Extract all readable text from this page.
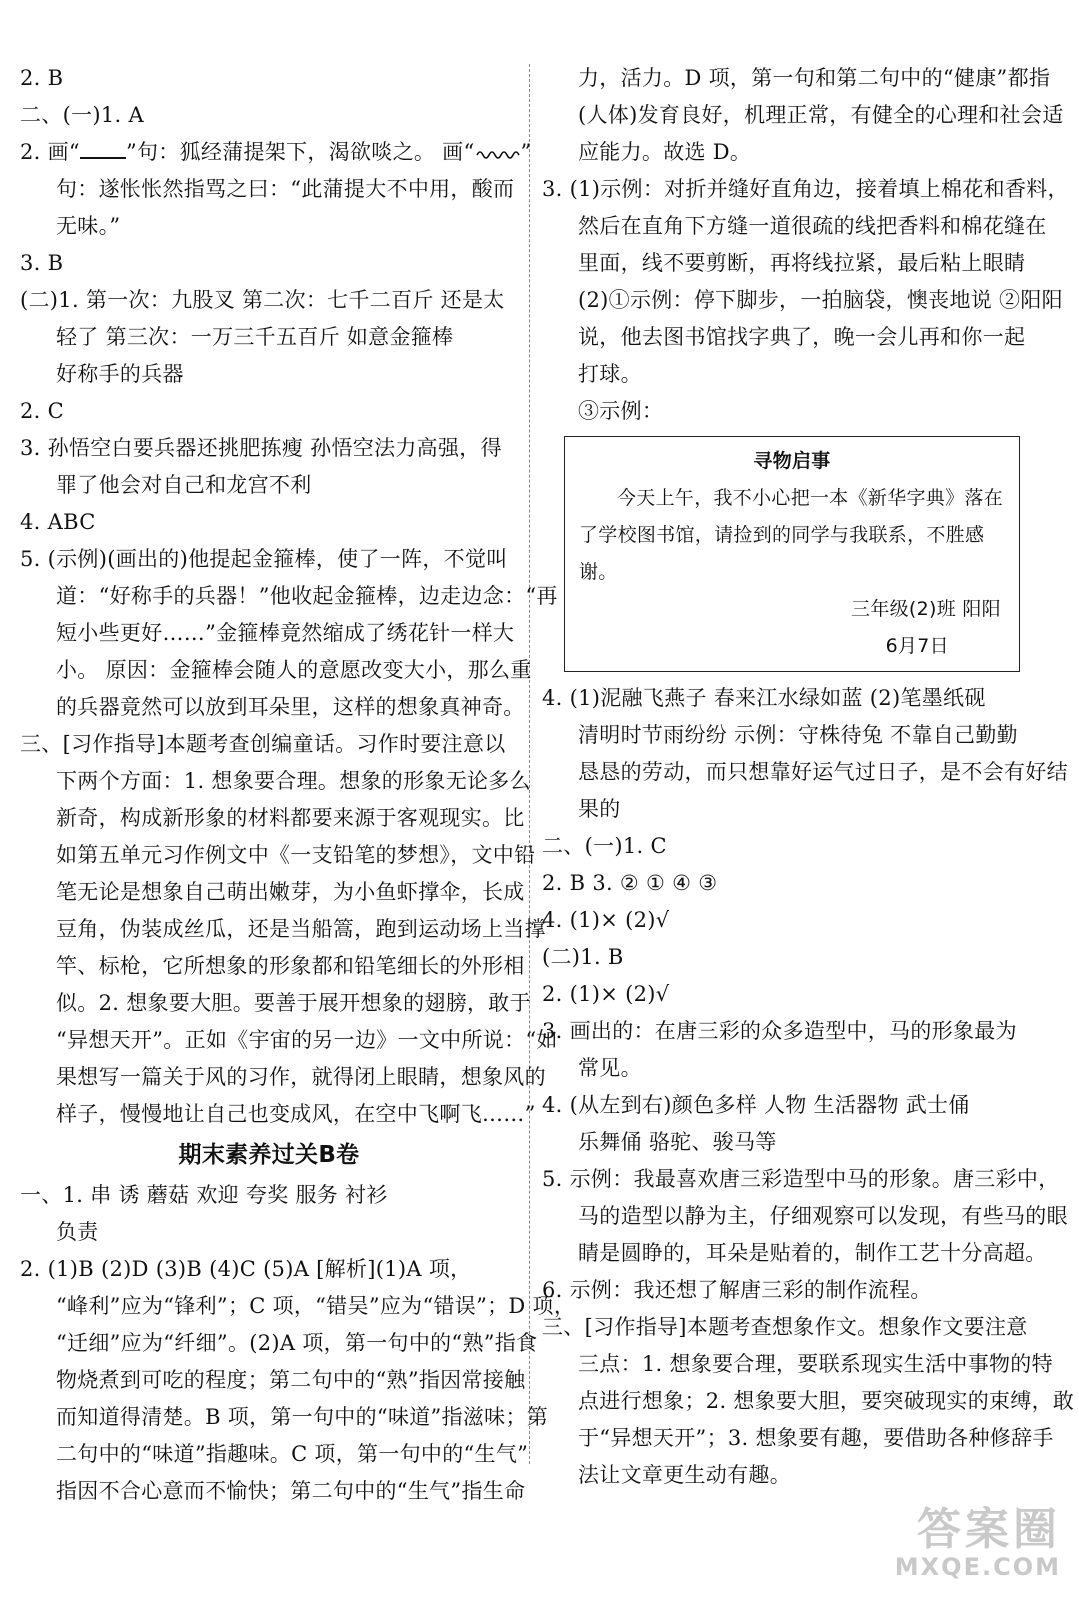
2. B
二、(一)1. A
2. 画“ ”句：狐经蒲提架下，渴欲啖之。 画“ ”
句：遂怅怅然指骂之曰：“此蒲提大不中用，酸而
无味。”
3. B
(二)1. 第一次：九股叉 第二次：七千二百斤 还是太
轻了 第三次：一万三千五百斤 如意金箍棒
好称手的兵器
2. C
3. 孙悟空白要兵器还挑肥拣瘦 孙悟空法力高强，得
罪了他会对自己和龙宫不利
4. ABC
5. (示例)(画出的)他提起金箍棒，使了一阵，不觉叫
道：“好称手的兵器！”他收起金箍棒，边走边念：“再
短小些更好……”金箍棒竟然缩成了绣花针一样大
小。 原因：金箍棒会随人的意愿改变大小，那么重
的兵器竟然可以放到耳朵里，这样的想象真神奇。
三、[习作指导]本题考查创编童话。习作时要注意以
下两个方面：1. 想象要合理。想象的形象无论多么
新奇，构成新形象的材料都要来源于客观现实。比
如第五单元习作例文中《一支铅笔的梦想》，文中铅
笔无论是想象自己萌出嫩芽，为小鱼虾撑伞，长成
豆角，伪装成丝瓜，还是当船篙，跑到运动场上当撑
竿、标枪，它所想象的形象都和铅笔细长的外形相
似。2. 想象要大胆。要善于展开想象的翅膀，敢于
“异想天开”。正如《宇宙的另一边》一文中所说：“如
果想写一篇关于风的习作，就得闭上眼睛，想象风的
样子，慢慢地让自己也变成风，在空中飞啊飞……”
期末素养过关B卷
一、1. 串 诱 蘑菇 欢迎 夸奖 服务 衬衫
负责
2. (1)B (2)D (3)B (4)C (5)A [解析](1)A 项，
“峰利”应为“锋利”；C 项，“错吴”应为“错误”；D 项，
“迁细”应为“纤细”。(2)A 项，第一句中的“熟”指食
物烧煮到可吃的程度；第二句中的“熟”指因常接触
而知道得清楚。B 项，第一句中的“味道”指滋味；第
二句中的“味道”指趣味。C 项，第一句中的“生气”
指因不合心意而不愉快；第二句中的“生气”指生命
力，活力。D 项，第一句和第二句中的“健康”都指
(人体)发育良好，机理正常，有健全的心理和社会适
应能力。故选 D。
3. (1)示例：对折并缝好直角边，接着填上棉花和香料，
然后在直角下方缝一道很疏的线把香料和棉花缝在
里面，线不要剪断，再将线拉紧，最后粘上眼睛
(2)①示例：停下脚步，一拍脑袋，懊丧地说 ②阳阳
说，他去图书馆找字典了，晚一会儿再和你一起
打球。
③示例：
寻物启事
今天上午，我不小心把一本《新华字典》落在了学校图书馆，请捡到的同学与我联系，不胜感谢。
三年级(2)班 阳阳
6月7日
4. (1)泥融飞燕子 春来江水绿如蓝 (2)笔墨纸砚
清明时节雨纷纷 示例：守株待兔 不靠自己勤勤
恳恳的劳动，而只想靠好运气过日子，是不会有好结
果的
二、(一)1. C
2. B 3. ② ① ④ ③
4. (1)× (2)√
(二)1. B
2. (1)× (2)√
3. 画出的：在唐三彩的众多造型中，马的形象最为
常见。
4. (从左到右)颜色多样 人物 生活器物 武士俑
乐舞俑 骆驼、骏马等
5. 示例：我最喜欢唐三彩造型中马的形象。唐三彩中，
马的造型以静为主，仔细观察可以发现，有些马的眼
睛是圆睁的，耳朵是贴着的，制作工艺十分高超。
6. 示例：我还想了解唐三彩的制作流程。
三、[习作指导]本题考查想象作文。想象作文要注意
三点：1. 想象要合理，要联系现实生活中事物的特
点进行想象；2. 想象要大胆，要突破现实的束缚，敢
于“异想天开”；3. 想象要有趣，要借助各种修辞手
法让文章更生动有趣。
答案圈
MXQE.COM
